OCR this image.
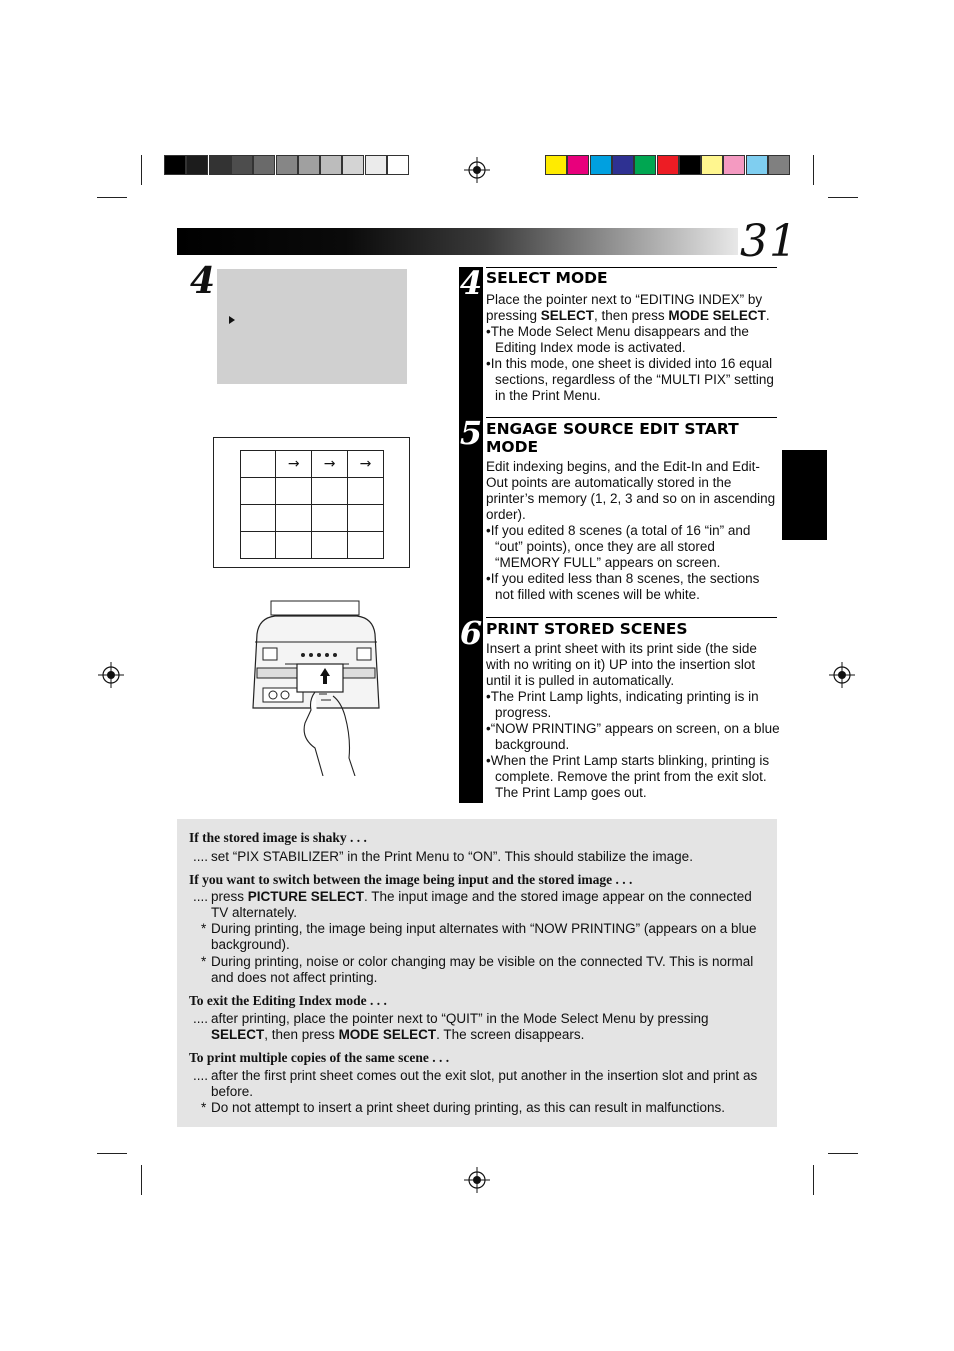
31
4
	→	→	→

4
5
6
SELECT MODE

Place the pointer next to “EDITING INDEX” by pressing SELECT, then press MODE SELECT.

•The Mode Select Menu disappears and the Editing Index mode is activated.

•In this mode, one sheet is divided into 16 equal sections, regardless of the “MULTI PIX” setting in the Print Menu.

ENGAGE SOURCE EDIT START MODE

Edit indexing begins, and the Edit-In and Edit-Out points are automatically stored in the printer’s memory (1, 2, 3 and so on in ascending order).

•If you edited 8 scenes (a total of 16 “in” and “out” points), once they are all stored “MEMORY FULL” appears on screen.

•If you edited less than 8 scenes, the sections not filled with scenes will be white.

PRINT STORED SCENES

Insert a print sheet with its print side (the side with no writing on it) UP into the insertion slot until it is pulled in automatically.

•The Print Lamp lights, indicating printing is in progress.

•“NOW PRINTING” appears on screen, on a blue background.

•When the Print Lamp starts blinking, printing is complete. Remove the print from the exit slot. The Print Lamp goes out.

If the stored image is shaky . . .
.... set “PIX STABILIZER” in the Print Menu to “ON”. This should stabilize the image.
If you want to switch between the image being input and the stored image . . .
.... press PICTURE SELECT. The input image and the stored image appear on the connected TV alternately.

* During printing, the image being input alternates with “NOW PRINTING” (appears on a blue background).
* During printing, noise or color changing may be visible on the connected TV. This is normal and does not affect printing.
To exit the Editing Index mode . . .
.... after printing, place the pointer next to “QUIT” in the Mode Select Menu by pressing SELECT, then press MODE SELECT. The screen disappears.

To print multiple copies of the same scene . . .
.... after the first print sheet comes out the exit slot, put another in the insertion slot and print as before.
* Do not attempt to insert a print sheet during printing, as this can result in malfunctions.
